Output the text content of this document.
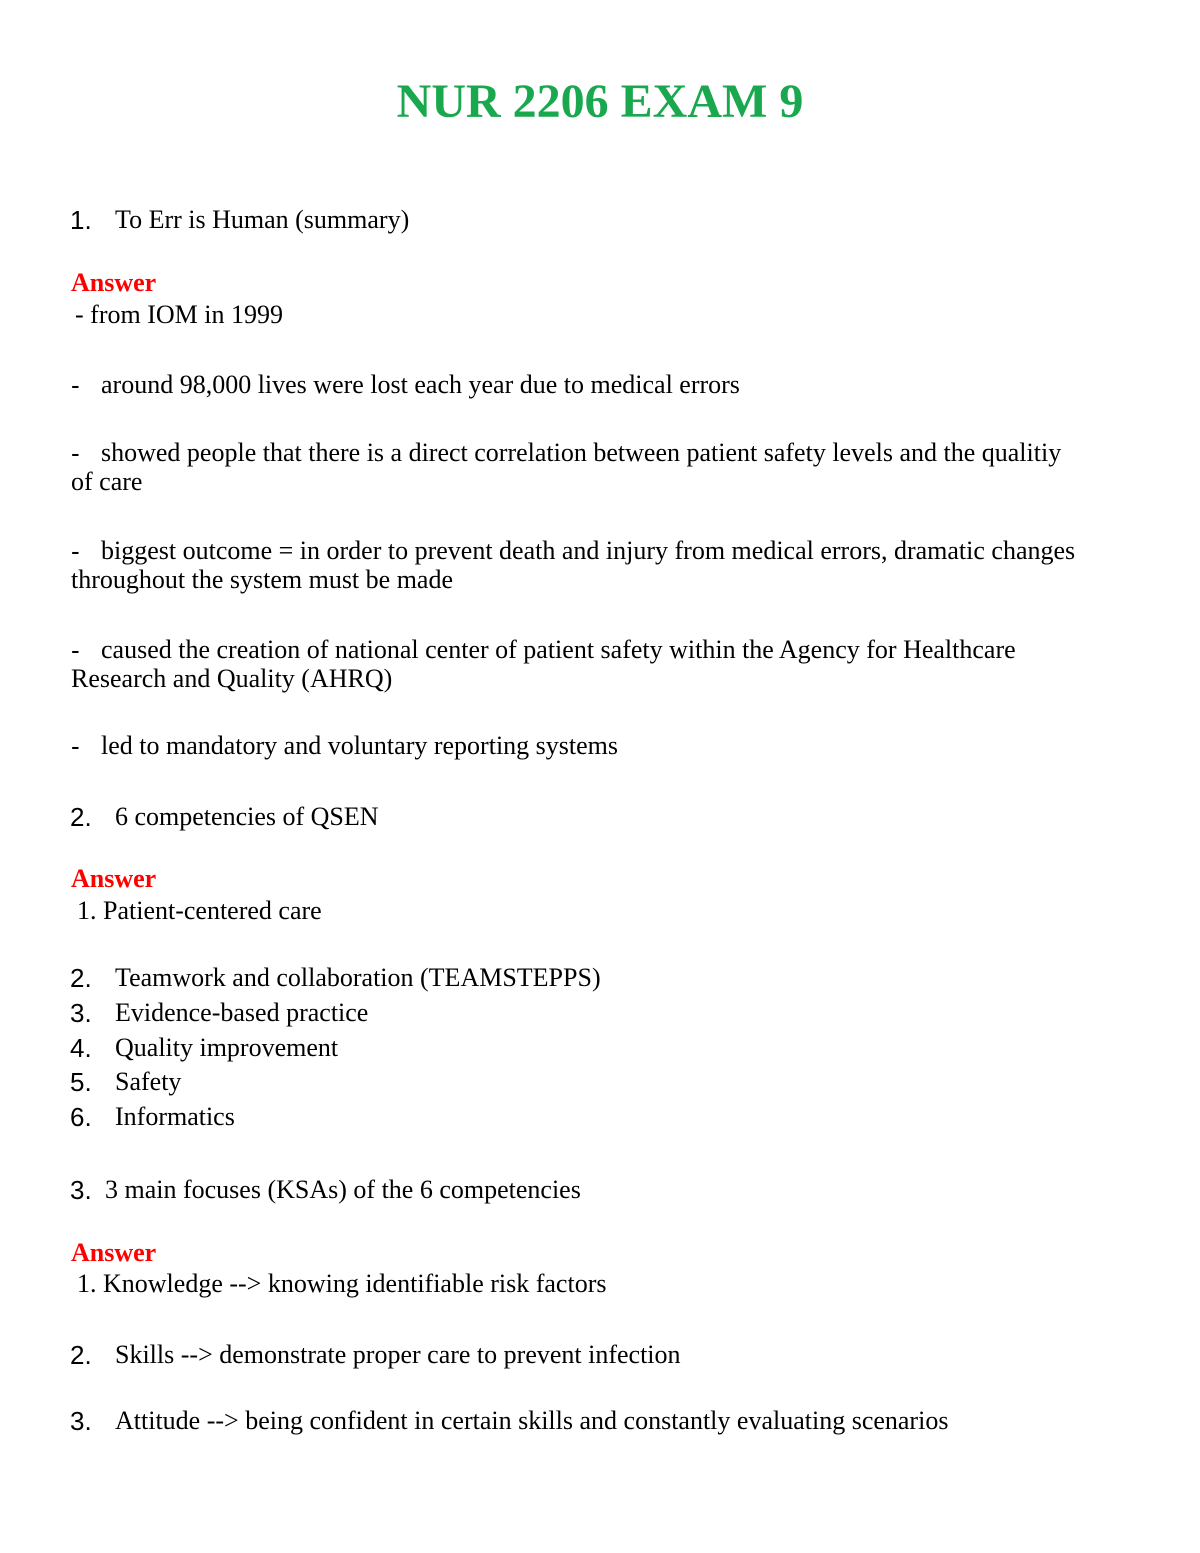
NUR 2206 EXAM 9
1. To Err is Human (summary)
Answer
- from IOM in 1999
- around 98,000 lives were lost each year due to medical errors
- showed people that there is a direct correlation between patient safety levels and the qualitiy
of care
- biggest outcome = in order to prevent death and injury from medical errors, dramatic changes
throughout the system must be made
- caused the creation of national center of patient safety within the Agency for Healthcare
Research and Quality (AHRQ)
- led to mandatory and voluntary reporting systems
2. 6 competencies of QSEN
Answer
1. Patient-centered care
2. Teamwork and collaboration (TEAMSTEPPS)
3. Evidence-based practice
4. Quality improvement
5. Safety
6. Informatics
3. 3 main focuses (KSAs) of the 6 competencies
Answer
1. Knowledge --> knowing identifiable risk factors
2. Skills --> demonstrate proper care to prevent infection
3. Attitude --> being confident in certain skills and constantly evaluating scenarios
